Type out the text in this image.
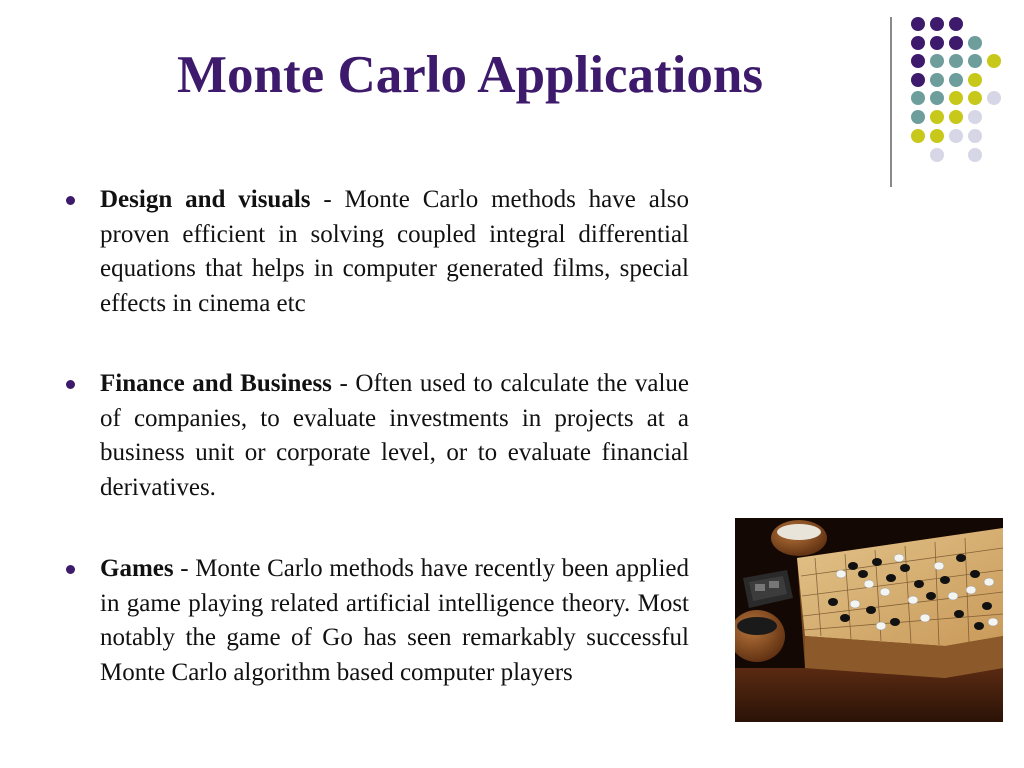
Monte Carlo Applications

Design and visuals - Monte Carlo methods have also proven efficient in solving coupled integral differential equations that helps in computer generated films, special effects in cinema etc

Finance and Business - Often used to calculate the value of companies, to evaluate investments in projects at a business unit or corporate level, or to evaluate financial derivatives.

Games - Monte Carlo methods have recently been applied in game playing related artificial intelligence theory. Most notably the game of Go has seen remarkably successful Monte Carlo algorithm based computer players
